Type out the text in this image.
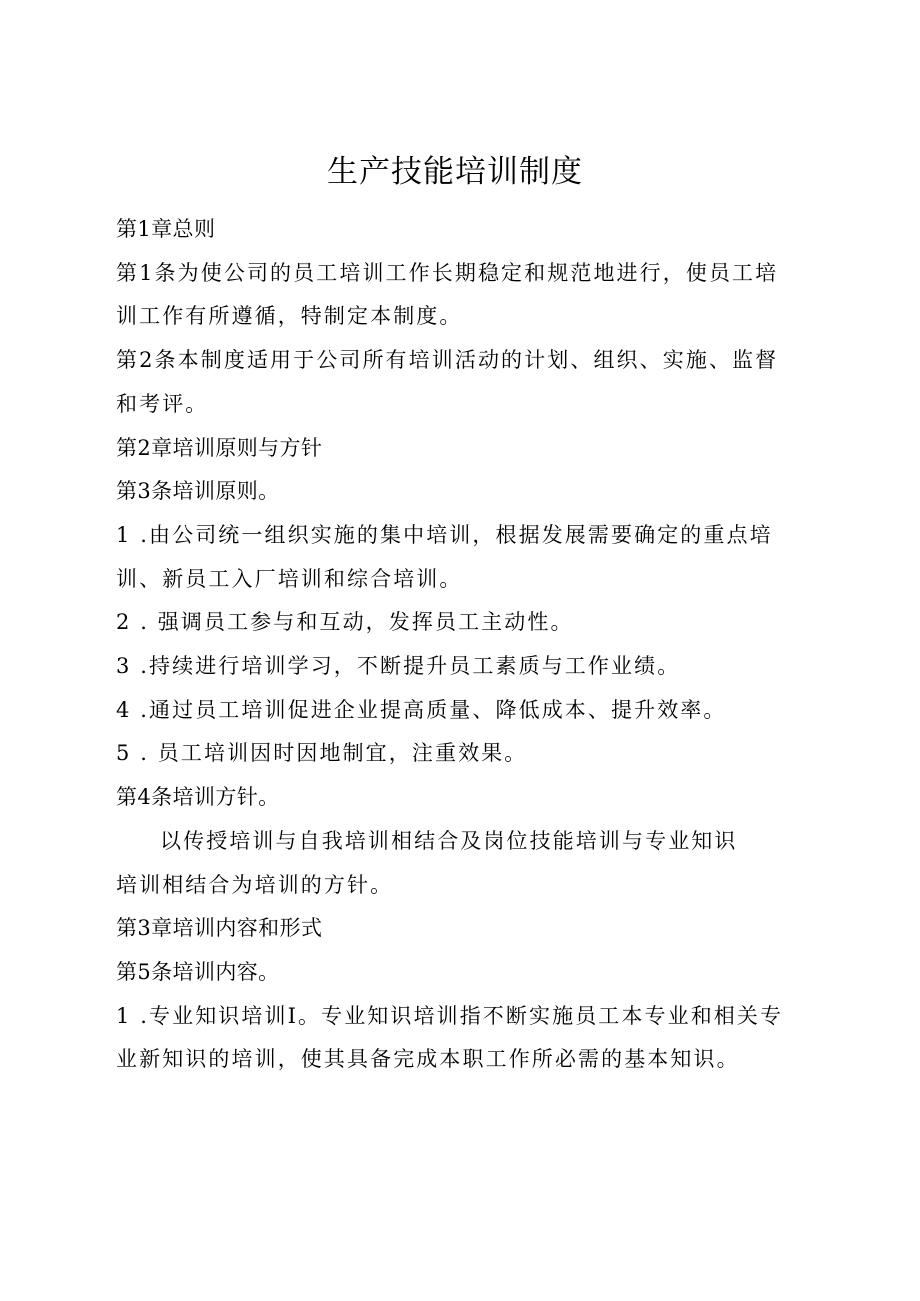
生产技能培训制度
第1章总则
第1条为使公司的员工培训工作长期稳定和规范地进行，使员工培
训工作有所遵循，特制定本制度。
第2条本制度适用于公司所有培训活动的计划、组织、实施、监督
和考评。
第2章培训原则与方针
第3条培训原则。
1 .由公司统一组织实施的集中培训，根据发展需要确定的重点培
训、新员工入厂培训和综合培训。
2 . 强调员工参与和互动，发挥员工主动性。
3 .持续进行培训学习，不断提升员工素质与工作业绩。
4 .通过员工培训促进企业提高质量、降低成本、提升效率。
5 . 员工培训因时因地制宜，注重效果。
第4条培训方针。
以传授培训与自我培训相结合及岗位技能培训与专业知识
培训相结合为培训的方针。
第3章培训内容和形式
第5条培训内容。
1 .专业知识培训I。专业知识培训指不断实施员工本专业和相关专
业新知识的培训，使其具备完成本职工作所必需的基本知识。
